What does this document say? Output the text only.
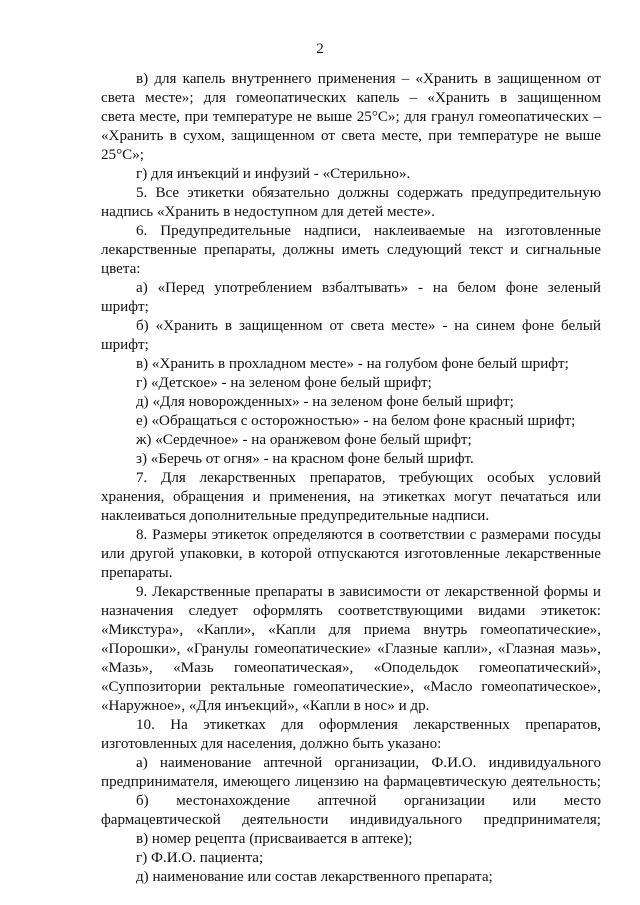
2
в) для капель внутреннего применения – «Хранить в защищенном от
света месте»; для гомеопатических капель – «Хранить в защищенном
света месте, при температуре не выше 25°С»; для гранул гомеопатических –
«Хранить в сухом, защищенном от света месте, при температуре не выше
25°С»;
г) для инъекций и инфузий - «Стерильно».
5. Все этикетки обязательно должны содержать предупредительную
надпись «Хранить в недоступном для детей месте».
6. Предупредительные надписи, наклеиваемые на изготовленные
лекарственные препараты, должны иметь следующий текст и сигнальные
цвета:
а) «Перед употреблением взбалтывать» - на белом фоне зеленый
шрифт;
б) «Хранить в защищенном от света месте» - на синем фоне белый
шрифт;
в) «Хранить в прохладном месте» - на голубом фоне белый шрифт;
г) «Детское» - на зеленом фоне белый шрифт;
д) «Для новорожденных» - на зеленом фоне белый шрифт;
е) «Обращаться с осторожностью» - на белом фоне красный шрифт;
ж) «Сердечное» - на оранжевом фоне белый шрифт;
з) «Беречь от огня» - на красном фоне белый шрифт.
7. Для лекарственных препаратов, требующих особых условий
хранения, обращения и применения, на этикетках могут печататься или
наклеиваться дополнительные предупредительные надписи.
8. Размеры этикеток определяются в соответствии с размерами посуды
или другой упаковки, в которой отпускаются изготовленные лекарственные
препараты.
9. Лекарственные препараты в зависимости от лекарственной формы и
назначения следует оформлять соответствующими видами этикеток:
«Микстура», «Капли», «Капли для приема внутрь гомеопатические»,
«Порошки», «Гранулы гомеопатические» «Глазные капли», «Глазная мазь»,
«Мазь», «Мазь гомеопатическая», «Оподельдок гомеопатический»,
«Суппозитории ректальные гомеопатические», «Масло гомеопатическое»,
«Наружное», «Для инъекций», «Капли в нос» и др.
10. На этикетках для оформления лекарственных препаратов,
изготовленных для населения, должно быть указано:
а) наименование аптечной организации, Ф.И.О. индивидуального
предпринимателя, имеющего лицензию на фармацевтическую деятельность;
б) местонахождение аптечной организации или место
фармацевтической деятельности индивидуального предпринимателя;
в) номер рецепта (присваивается в аптеке);
г) Ф.И.О. пациента;
д) наименование или состав лекарственного препарата;
